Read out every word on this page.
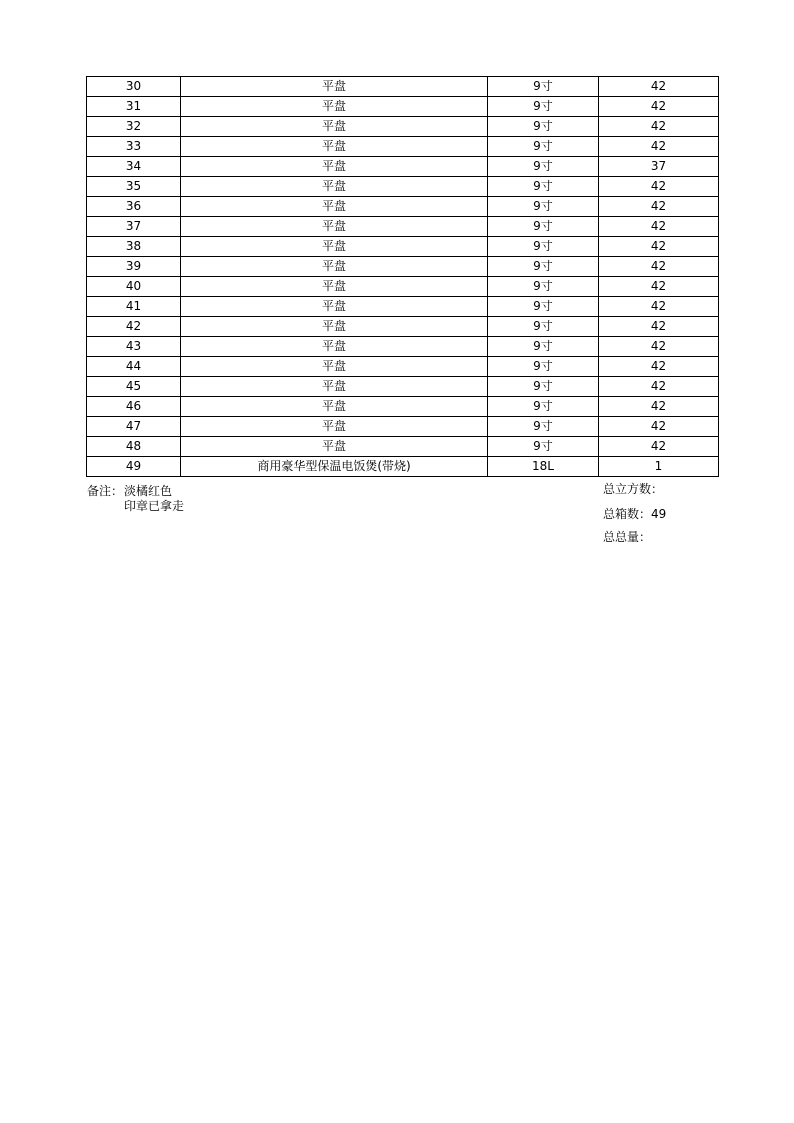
30	平盘	9寸	42
31	平盘	9寸	42
32	平盘	9寸	42
33	平盘	9寸	42
34	平盘	9寸	37
35	平盘	9寸	42
36	平盘	9寸	42
37	平盘	9寸	42
38	平盘	9寸	42
39	平盘	9寸	42
40	平盘	9寸	42
41	平盘	9寸	42
42	平盘	9寸	42
43	平盘	9寸	42
44	平盘	9寸	42
45	平盘	9寸	42
46	平盘	9寸	42
47	平盘	9寸	42
48	平盘	9寸	42
49	商用豪华型保温电饭煲(带烧)	18L	1
备注： 淡橘红色
印章已拿走
总立方数：
总箱数：49
总总量：
